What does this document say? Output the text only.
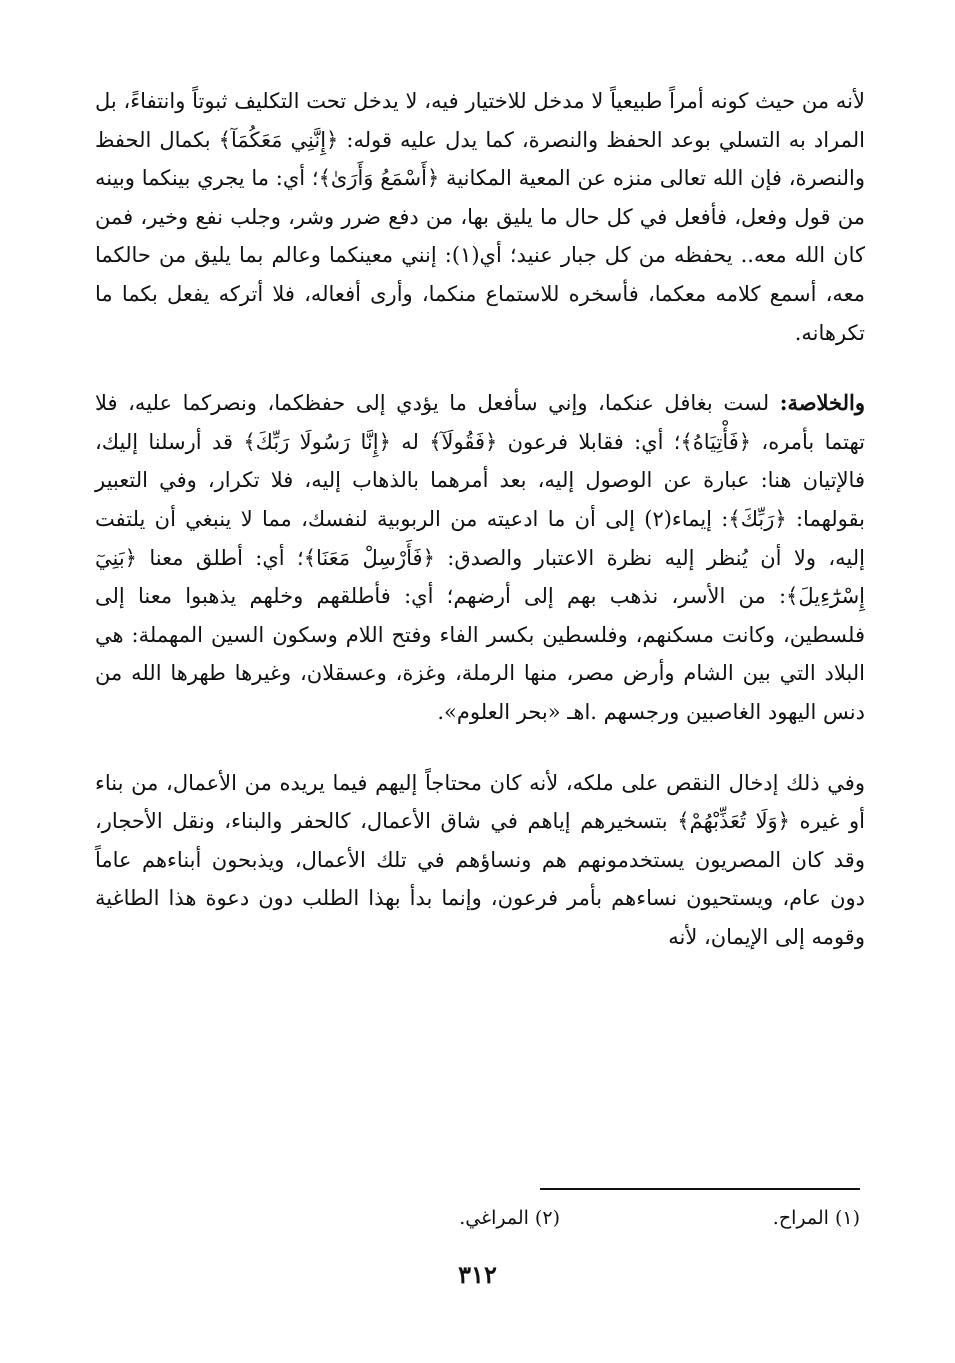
لأنه من حيث كونه أمراً طبيعياً لا مدخل للاختيار فيه، لا يدخل تحت التكليف ثبوتاً وانتفاءً، بل المراد به التسلي بوعد الحفظ والنصرة، كما يدل عليه قوله: ﴿إِنَّنِي مَعَكُمَآ﴾ بكمال الحفظ والنصرة، فإن الله تعالى منزه عن المعية المكانية ﴿أَسْمَعُ وَأَرَىٰ﴾؛ أي: ما يجري بينكما وبينه من قول وفعل، فأفعل في كل حال ما يليق بها، من دفع ضرر وشر، وجلب نفع وخير، فمن كان الله معه.. يحفظه من كل جبار عنيد؛ أي(١): إنني معينكما وعالم بما يليق من حالكما معه، أسمع كلامه معكما، فأسخره للاستماع منكما، وأرى أفعاله، فلا أتركه يفعل بكما ما تكرهانه.

والخلاصة: لست بغافل عنكما، وإني سأفعل ما يؤدي إلى حفظكما، ونصركما عليه، فلا تهتما بأمره، ﴿فَأْتِيَاهُ﴾؛ أي: فقابلا فرعون ﴿فَقُولَآ﴾ له ﴿إِنَّا رَسُولَا رَبِّكَ﴾ قد أرسلنا إليك، فالإتيان هنا: عبارة عن الوصول إليه، بعد أمرهما بالذهاب إليه، فلا تكرار، وفي التعبير بقولهما: ﴿رَبِّكَ﴾: إيماء(٢) إلى أن ما ادعيته من الربوبية لنفسك، مما لا ينبغي أن يلتفت إليه، ولا أن يُنظر إليه نظرة الاعتبار والصدق: ﴿فَأَرْسِلْ مَعَنَا﴾؛ أي: أطلق معنا ﴿بَنِيٓ إِسْرَٰٓءِيلَ﴾: من الأسر، نذهب بهم إلى أرضهم؛ أي: فأطلقهم وخلهم يذهبوا معنا إلى فلسطين، وكانت مسكنهم، وفلسطين بكسر الفاء وفتح اللام وسكون السين المهملة: هي البلاد التي بين الشام وأرض مصر، منها الرملة، وغزة، وعسقلان، وغيرها طهرها الله من دنس اليهود الغاصبين ورجسهم .اهـ «بحر العلوم».

وفي ذلك إدخال النقص على ملكه، لأنه كان محتاجاً إليهم فيما يريده من الأعمال، من بناء أو غيره ﴿وَلَا تُعَذِّبْهُمْ﴾ بتسخيرهم إياهم في شاق الأعمال، كالحفر والبناء، ونقل الأحجار، وقد كان المصريون يستخدمونهم هم ونساؤهم في تلك الأعمال، ويذبحون أبناءهم عاماً دون عام، ويستحيون نساءهم بأمر فرعون، وإنما بدأ بهذا الطلب دون دعوة هذا الطاغية وقومه إلى الإيمان، لأنه

(١) المراح.
(٢) المراغي.
٣١٢
